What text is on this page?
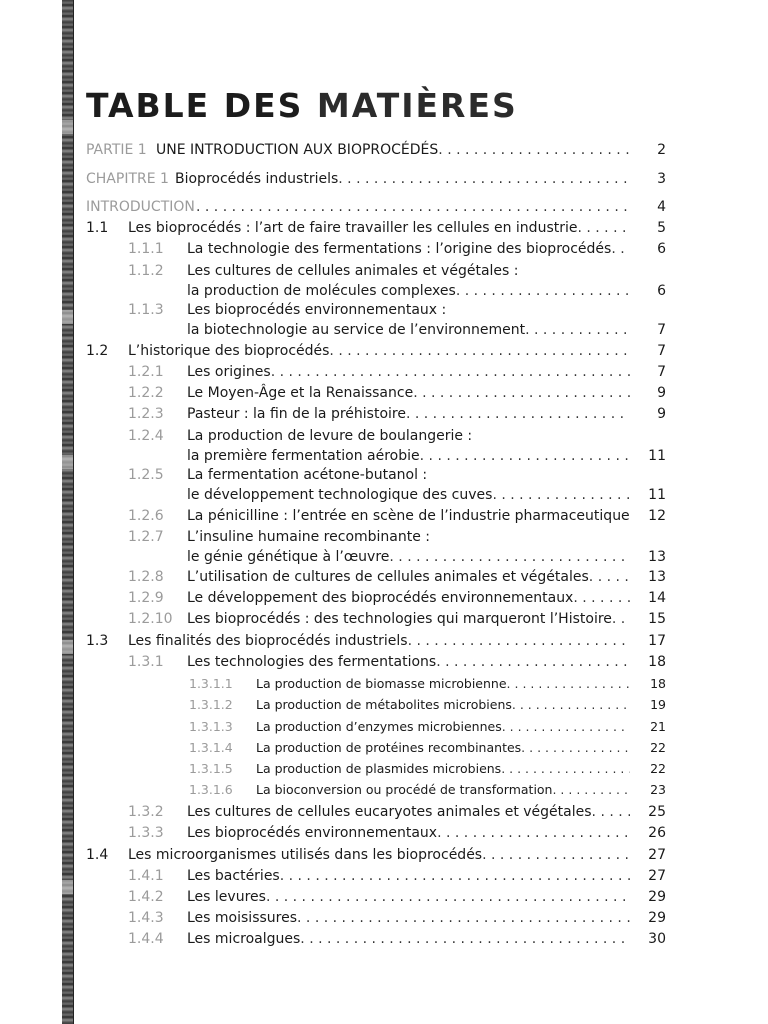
TABLE DES MATIÈRES
PARTIE 1 UNE INTRODUCTION AUX BIOPROCÉDÉS . . .	2
CHAPITRE 1 Bioprocédés industriels . . .	3
INTRODUCTION . . .	4
1.1 Les bioprocédés : l’art de faire travailler les cellules en industrie . . .	5
1.1.1 La technologie des fermentations : l’origine des bioprocédés . . .	6
1.1.2 Les cultures de cellules animales et végétales :
la production de molécules complexes . . .	6
1.1.3 Les bioprocédés environnementaux :
la biotechnologie au service de l’environnement . . .	7
1.2 L’historique des bioprocédés . . .	7
1.2.1 Les origines . . .	7
1.2.2 Le Moyen-Âge et la Renaissance . . .	9
1.2.3 Pasteur : la fin de la préhistoire . . .	9
1.2.4 La production de levure de boulangerie :
la première fermentation aérobie . . .	11
1.2.5 La fermentation acétone-butanol :
le développement technologique des cuves . . .	11
1.2.6 La pénicilline : l’entrée en scène de l’industrie pharmaceutique . . .	12
1.2.7 L’insuline humaine recombinante :
le génie génétique à l’œuvre . . .	13
1.2.8 L’utilisation de cultures de cellules animales et végétales . . .	13
1.2.9 Le développement des bioprocédés environnementaux . . .	14
1.2.10 Les bioprocédés : des technologies qui marqueront l’Histoire . . .	15
1.3 Les finalités des bioprocédés industriels . . .	17
1.3.1 Les technologies des fermentations . . .	18
1.3.1.1 La production de biomasse microbienne . . .	18
1.3.1.2 La production de métabolites microbiens . . .	19
1.3.1.3 La production d’enzymes microbiennes . . .	21
1.3.1.4 La production de protéines recombinantes . . .	22
1.3.1.5 La production de plasmides microbiens . . .	22
1.3.1.6 La bioconversion ou procédé de transformation . . .	23
1.3.2 Les cultures de cellules eucaryotes animales et végétales . . .	25
1.3.3 Les bioprocédés environnementaux . . .	26
1.4 Les microorganismes utilisés dans les bioprocédés . . .	27
1.4.1 Les bactéries . . .	27
1.4.2 Les levures . . .	29
1.4.3 Les moisissures . . .	29
1.4.4 Les microalgues . . .	30
